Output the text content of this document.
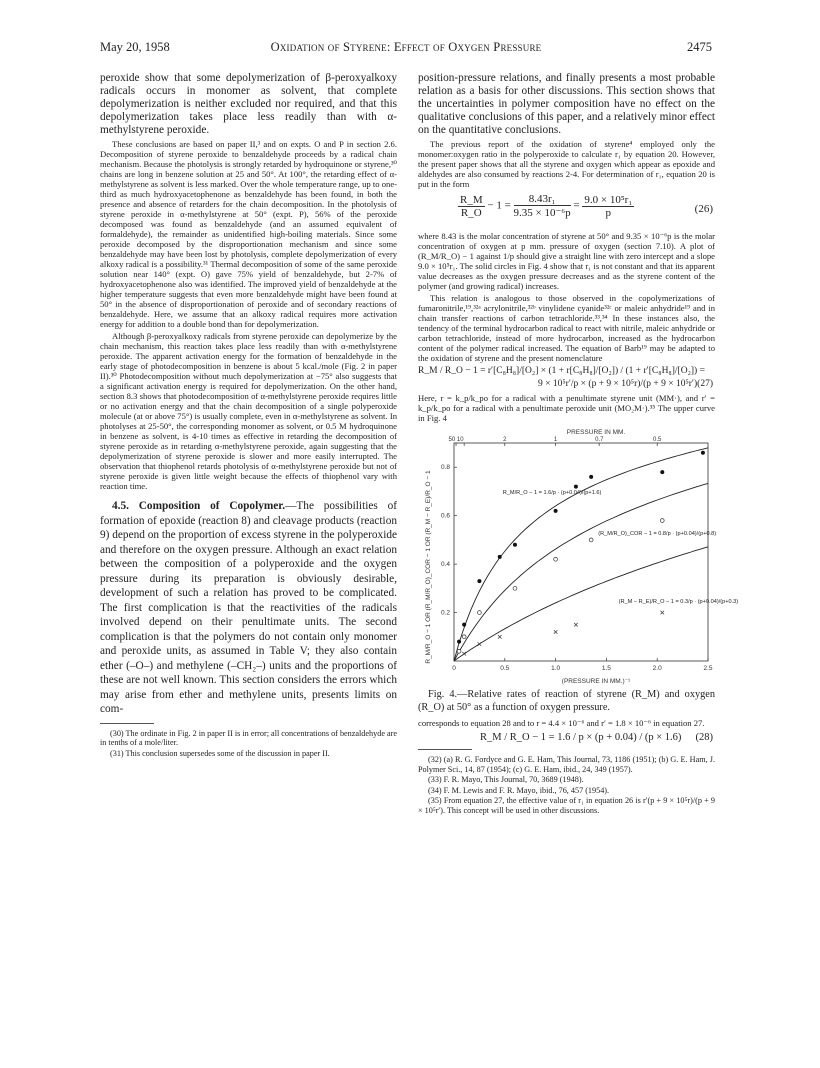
May 20, 1958	Oxidation of Styrene: Effect of Oxygen Pressure	2475

peroxide show that some depolymerization of β-peroxyalkoxy radicals occurs in monomer as solvent, that complete depolymerization is neither excluded nor required, and that this depolymerization takes place less readily than with α-methylstyrene peroxide.

These conclusions are based on paper II,³ and on expts. O and P in section 2.6. Decomposition of styrene peroxide to benzaldehyde proceeds by a radical chain mechanism. Because the photolysis is strongly retarded by hydroquinone or styrene,³⁰ chains are long in benzene solution at 25 and 50°. At 100°, the retarding effect of α-methylstyrene as solvent is less marked. Over the whole temperature range, up to one-third as much hydroxyacetophenone as benzaldehyde has been found, in both the presence and absence of retarders for the chain decomposition. In the photolysis of styrene peroxide in α-methylstyrene at 50° (expt. P), 56% of the peroxide decomposed was found as benzaldehyde (and an assumed equivalent of formaldehyde), the remainder as unidentified high-boiling materials. Since some peroxide decomposed by the disproportionation mechanism and since some benzaldehyde may have been lost by photolysis, complete depolymerization of every alkoxy radical is a possibility.³¹ Thermal decomposition of some of the same peroxide solution near 140° (expt. O) gave 75% yield of benzaldehyde, but 2-7% of hydroxyacetophenone also was identified. The improved yield of benzaldehyde at the higher temperature suggests that even more benzaldehyde might have been found at 50° in the absence of disproportionation of peroxide and of secondary reactions of benzaldehyde. Here, we assume that an alkoxy radical requires more activation energy for addition to a double bond than for depolymerization.

Although β-peroxyalkoxy radicals from styrene peroxide can depolymerize by the chain mechanism, this reaction takes place less readily than with α-methylstyrene peroxide. The apparent activation energy for the formation of benzaldehyde in the early stage of photodecomposition in benzene is about 5 kcal./mole (Fig. 2 in paper II).³⁰ Photodecomposition without much depolymerization at −75° also suggests that a significant activation energy is required for depolymerization. On the other hand, section 8.3 shows that photodecomposition of α-methylstyrene peroxide requires little or no activation energy and that the chain decomposition of a single polyperoxide molecule (at or above 75°) is usually complete, even in α-methylstyrene as solvent. In photolyses at 25-50°, the corresponding monomer as solvent, or 0.5 M hydroquinone in benzene as solvent, is 4-10 times as effective in retarding the decomposition of styrene peroxide as in retarding α-methylstyrene peroxide, again suggesting that the depolymerization of styrene peroxide is slower and more easily interrupted. The observation that thiophenol retards photolysis of α-methylstyrene peroxide but not of styrene peroxide is given little weight because the effects of thiophenol vary with reaction time.

4.5. Composition of Copolymer.—The possibilities of formation of epoxide (reaction 8) and cleavage products (reaction 9) depend on the proportion of excess styrene in the polyperoxide and therefore on the oxygen pressure. Although an exact relation between the composition of a polyperoxide and the oxygen pressure during its preparation is obviously desirable, development of such a relation has proved to be complicated. The first complication is that the reactivities of the radicals involved depend on their penultimate units. The second complication is that the polymers do not contain only monomer and peroxide units, as assumed in Table V; they also contain ether (–O–) and methylene (–CH₂–) units and the proportions of these are not well known. This section considers the errors which may arise from ether and methylene units, presents limits on com-

(30) The ordinate in Fig. 2 in paper II is in error; all concentrations of benzaldehyde are in tenths of a mole/liter.

(31) This conclusion supersedes some of the discussion in paper II.

position-pressure relations, and finally presents a most probable relation as a basis for other discussions. This section shows that the uncertainties in polymer composition have no effect on the qualitative conclusions of this paper, and a relatively minor effect on the quantitative conclusions.

The previous report of the oxidation of styrene⁴ employed only the monomer:oxygen ratio in the polyperoxide to calculate r₁ by equation 20. However, the present paper shows that all the styrene and oxygen which appear as epoxide and aldehydes are also consumed by reactions 2-4. For determination of r₁, equation 20 is put in the form

$\frac{R\_M}{R\_O} - 1 = \frac{\text{8.43r₁}}{\text{9.35 × 10⁻⁶p}} = \frac{\text{9.0 × 10⁵r₁}}{p}$	(26)

where 8.43 is the molar concentration of styrene at 50° and 9.35 × 10⁻⁶p is the molar concentration of oxygen at p mm. pressure of oxygen (section 7.10). A plot of (R_M/R_O) − 1 against 1/p should give a straight line with zero intercept and a slope 9.0 × 10⁵r₁. The solid circles in Fig. 4 show that r₁ is not constant and that its apparent value decreases as the oxygen pressure decreases and as the styrene content of the polymer (and growing radical) increases.

This relation is analogous to those observed in the copolymerizations of fumaronitrile,¹⁹,³²ᵃ acrylonitrile,³²ᵇ vinylidene cyanide³²ᶜ or maleic anhydride¹⁹ and in chain transfer reactions of carbon tetrachloride.³³,³⁴ In these instances also, the tendency of the terminal hydrocarbon radical to react with nitrile, maleic anhydride or carbon tetrachloride, instead of more hydrocarbon, increased as the hydrocarbon content of the polymer radical increased. The equation of Barb¹⁹ may be adapted to the oxidation of styrene and the present nomenclature

R_M / R_O − 1 = r′[C₈H₈]/[O₂] × (1 + r[C₈H₈]/[O₂]) / (1 + r′[C₈H₈]/[O₂]) =
9 × 10⁵r′/p × (p + 9 × 10⁵r)/(p + 9 × 10⁵r′) (27)

Here, r = k_p/k_po for a radical with a penultimate styrene unit (MM·), and r′ = k_p/k_po for a radical with a penultimate peroxide unit (MO₂M·).³⁵ The upper curve in Fig. 4

PRESSURE IN MM.
0	0.5	1.0	1.5	2.0	2.5
0.2
0.4
0.6
0.8
50 10	2	1	0.7	0.5
R_M/R_O − 1 = 1.6/p · (p+0.04)/(p+1.6)
(R_M/R_O)_COR − 1 = 0.8/p · (p+0.04)/(p+0.8)
(R_M − R_E)/R_O − 1 = 0.3/p · (p+0.04)/(p+0.3)
(PRESSURE IN MM.)⁻¹
R_M/R_O − 1 OR (R_M/R_O)_COR − 1 OR (R_M − R_E)/R_O − 1

Fig. 4.—Relative rates of reaction of styrene (R_M) and oxygen (R_O) at 50° as a function of oxygen pressure.

corresponds to equation 28 and to r = 4.4 × 10⁻⁶ and r′ = 1.8 × 10⁻⁶ in equation 27.

R_M / R_O − 1 = 1.6 / p × (p + 0.04) / (p × 1.6) (28)

(32) (a) R. G. Fordyce and G. E. Ham, This Journal, 73, 1186 (1951); (b) G. E. Ham, J. Polymer Sci., 14, 87 (1954); (c) G. E. Ham, ibid., 24, 349 (1957).

(33) F. R. Mayo, This Journal, 70, 3689 (1948).

(34) F. M. Lewis and F. R. Mayo, ibid., 76, 457 (1954).

(35) From equation 27, the effective value of r₁ in equation 26 is r′(p + 9 × 10⁵r)/(p + 9 × 10⁵r′). This concept will be used in other discussions.
